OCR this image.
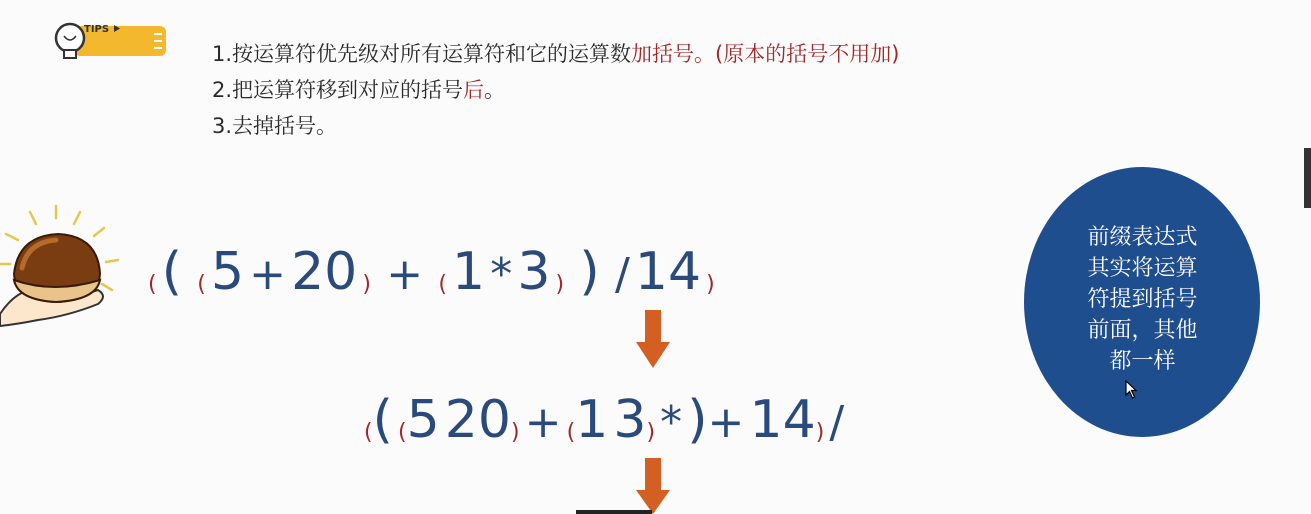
TIPS
1.按运算符优先级对所有运算符和它的运算数加括号。(原本的括号不用加)
2.把运算符移到对应的括号后。
3.去掉括号。
( ( ( 5 + 20 ) + ( 1 * 3 ) ) / 14 )
(( (5 20) + (1 3) * )+ 14) /
前缀表达式
其实将运算
符提到括号
前面，其他
都一样
